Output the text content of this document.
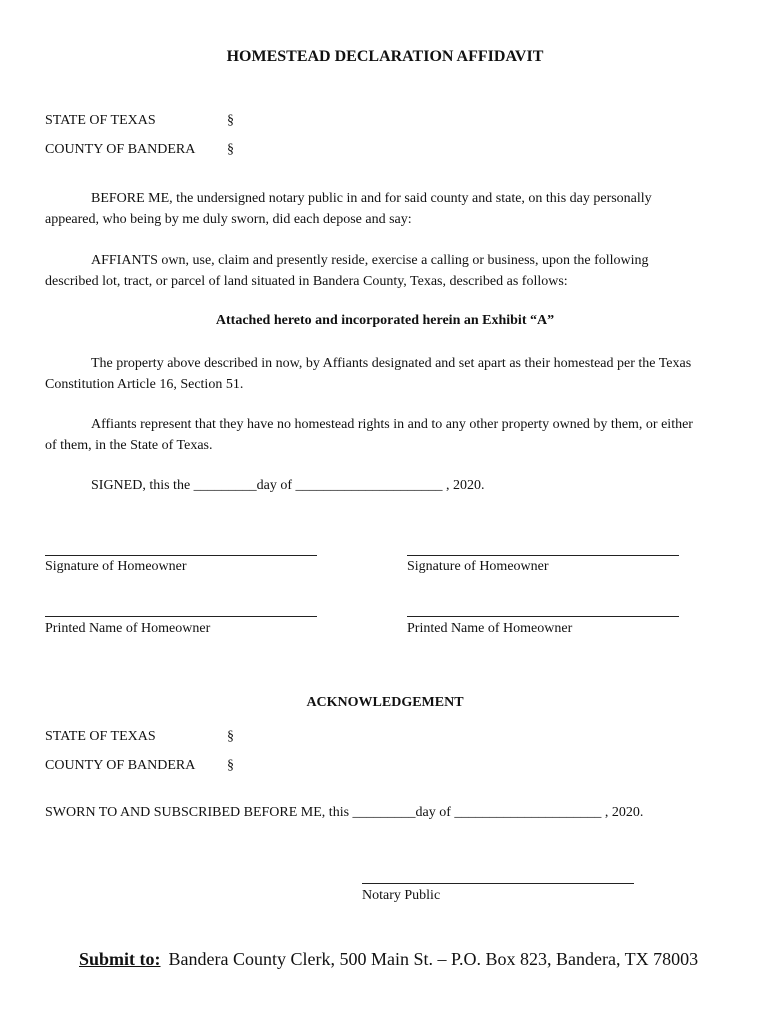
HOMESTEAD DECLARATION AFFIDAVIT
STATE OF TEXAS	§
COUNTY OF BANDERA §
BEFORE ME, the undersigned notary public in and for said county and state, on this day personally appeared, who being by me duly sworn, did each depose and say:
AFFIANTS own, use, claim and presently reside, exercise a calling or business, upon the following described lot, tract, or parcel of land situated in Bandera County, Texas, described as follows:
Attached hereto and incorporated herein an Exhibit “A”
The property above described in now, by Affiants designated and set apart as their homestead per the Texas Constitution Article 16, Section 51.
Affiants represent that they have no homestead rights in and to any other property owned by them, or either of them, in the State of Texas.
SIGNED, this the _________day of _____________________ , 2020.
Signature of Homeowner	Signature of Homeowner
Printed Name of Homeowner	Printed Name of Homeowner
ACKNOWLEDGEMENT
STATE OF TEXAS	§
COUNTY OF BANDERA §
SWORN TO AND SUBSCRIBED BEFORE ME, this _________day of _____________________ , 2020.
Notary Public
Submit to: Bandera County Clerk, 500 Main St. – P.O. Box 823, Bandera, TX 78003
